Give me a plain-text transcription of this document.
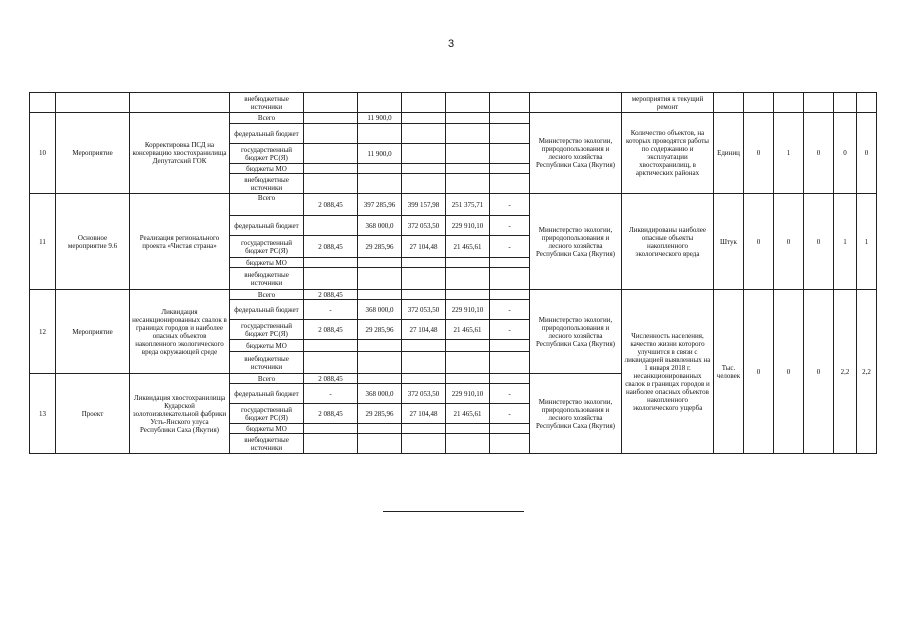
3
			внебюджетные источники							мероприятия к текущий ремонт						
10	Мероприятие	Корректировка ПСД на консервацию хвостохранилища Депутатский ГОК	Всего		11 900,0				Министерство экологии, природопользования и лесного хозяйства Республики Саха (Якутия)	Количество объектов, на которых проводятся работы по содержанию и эксплуатации хвостохранилищ, в арктических районах	Единиц	0	1	0	0	0
			федеральный бюджет													
			государственный бюджет РС(Я)		11 900,0											
			бюджеты МО													
			внебюджетные источники													
11	Основное мероприятие 9.6	Реализация регионального проекта «Чистая страна»	Всего	2 088,45	397 285,96	399 157,98	251 375,71	-	Министерство экологии, природопользования и лесного хозяйства Республики Саха (Якутия)	Ликвидированы наиболее опасные объекты накопленного экологического вреда	Штук	0	0	0	1	1
			федеральный бюджет		368 000,0	372 053,50	229 910,10	-								
			государственный бюджет РС(Я)	2 088,45	29 285,96	27 104,48	21 465,61	-								
			бюджеты МО													
			внебюджетные источники													
12	Мероприятие	Ликвидация несанкционированных свалок в границах городов и наиболее опасных объектов накопленного экологического вреда окружающей среде	Всего	2 088,45					Министерство экологии, природопользования и лесного хозяйства Республики Саха (Якутия)	Численность населения, качество жизни которого улучшится в связи с ликвидацией выявленных на 1 января 2018 г. несанкционированных свалок в границах городов и наиболее опасных объектов накопленного экологического ущерба	Тыс. человек	0	0	0	2,2	2,2
			федеральный бюджет	-	368 000,0	372 053,50	229 910,10	-								
			государственный бюджет РС(Я)	2 088,45	29 285,96	27 104,48	21 465,61	-								
			бюджеты МО													
			внебюджетные источники													
13	Проект	Ликвидация хвостохранилища Кударской золотоизвлекательной фабрики Усть-Янского улуса Республики Саха (Якутия)	Всего	2 088,45					Министерство экологии, природопользования и лесного хозяйства Республики Саха (Якутия)							
			федеральный бюджет	-	368 000,0	372 053,50	229 910,10	-								
			государственный бюджет РС(Я)	2 088,45	29 285,96	27 104,48	21 465,61	-								
			бюджеты МО													
			внебюджетные источники													
